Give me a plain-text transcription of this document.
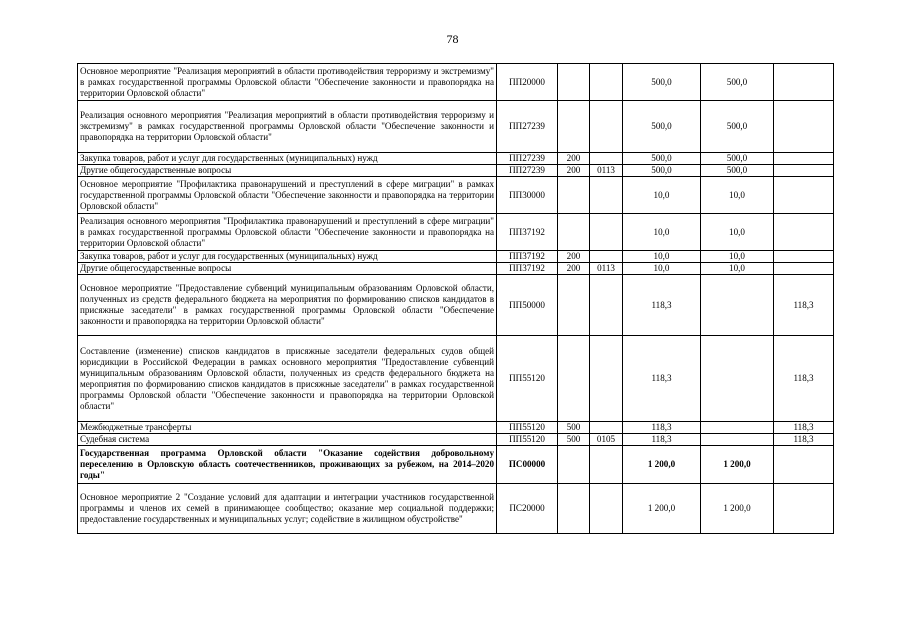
78
Основное мероприятие "Реализация мероприятий в области противодействия терроризму и экстремизму" в рамках государственной программы Орловской области "Обеспечение законности и правопорядка на территории Орловской области"	ПП20000			500,0	500,0	
Реализация основного мероприятия "Реализация мероприятий в области противодействия терроризму и экстремизму" в рамках государственной программы Орловской области "Обеспечение законности и правопорядка на территории Орловской области"	ПП27239			500,0	500,0	
Закупка товаров, работ и услуг для государственных (муниципальных) нужд	ПП27239	200		500,0	500,0	
Другие общегосударственные вопросы	ПП27239	200	0113	500,0	500,0	
Основное мероприятие "Профилактика правонарушений и преступлений в сфере миграции" в рамках государственной программы Орловской области "Обеспечение законности и правопорядка на территории Орловской области"	ПП30000			10,0	10,0	
Реализация основного мероприятия "Профилактика правонарушений и преступлений в сфере миграции" в рамках государственной программы Орловской области "Обеспечение законности и правопорядка на территории Орловской области"	ПП37192			10,0	10,0	
Закупка товаров, работ и услуг для государственных (муниципальных) нужд	ПП37192	200		10,0	10,0	
Другие общегосударственные вопросы	ПП37192	200	0113	10,0	10,0	
Основное мероприятие "Предоставление субвенций муниципальным образованиям Орловской области, полученных из средств федерального бюджета на мероприятия по формированию списков кандидатов в присяжные заседатели" в рамках государственной программы Орловской области "Обеспечение законности и правопорядка на территории Орловской области"	ПП50000			118,3		118,3
Составление (изменение) списков кандидатов в присяжные заседатели федеральных судов общей юрисдикции в Российской Федерации в рамках основного мероприятия "Предоставление субвенций муниципальным образованиям Орловской области, полученных из средств федерального бюджета на мероприятия по формированию списков кандидатов в присяжные заседатели" в рамках государственной программы Орловской области "Обеспечение законности и правопорядка на территории Орловской области"	ПП55120			118,3		118,3
Межбюджетные трансферты	ПП55120	500		118,3		118,3
Судебная система	ПП55120	500	0105	118,3		118,3
Государственная программа Орловской области "Оказание содействия добровольному переселению в Орловскую область соотечественников, проживающих за рубежом, на 2014–2020 годы"	ПС00000			1 200,0	1 200,0	
Основное мероприятие 2 "Создание условий для адаптации и интеграции участников государственной программы и членов их семей в принимающее сообщество; оказание мер социальной поддержки; предоставление государственных и муниципальных услуг; содействие в жилищном обустройстве"	ПС20000			1 200,0	1 200,0	
